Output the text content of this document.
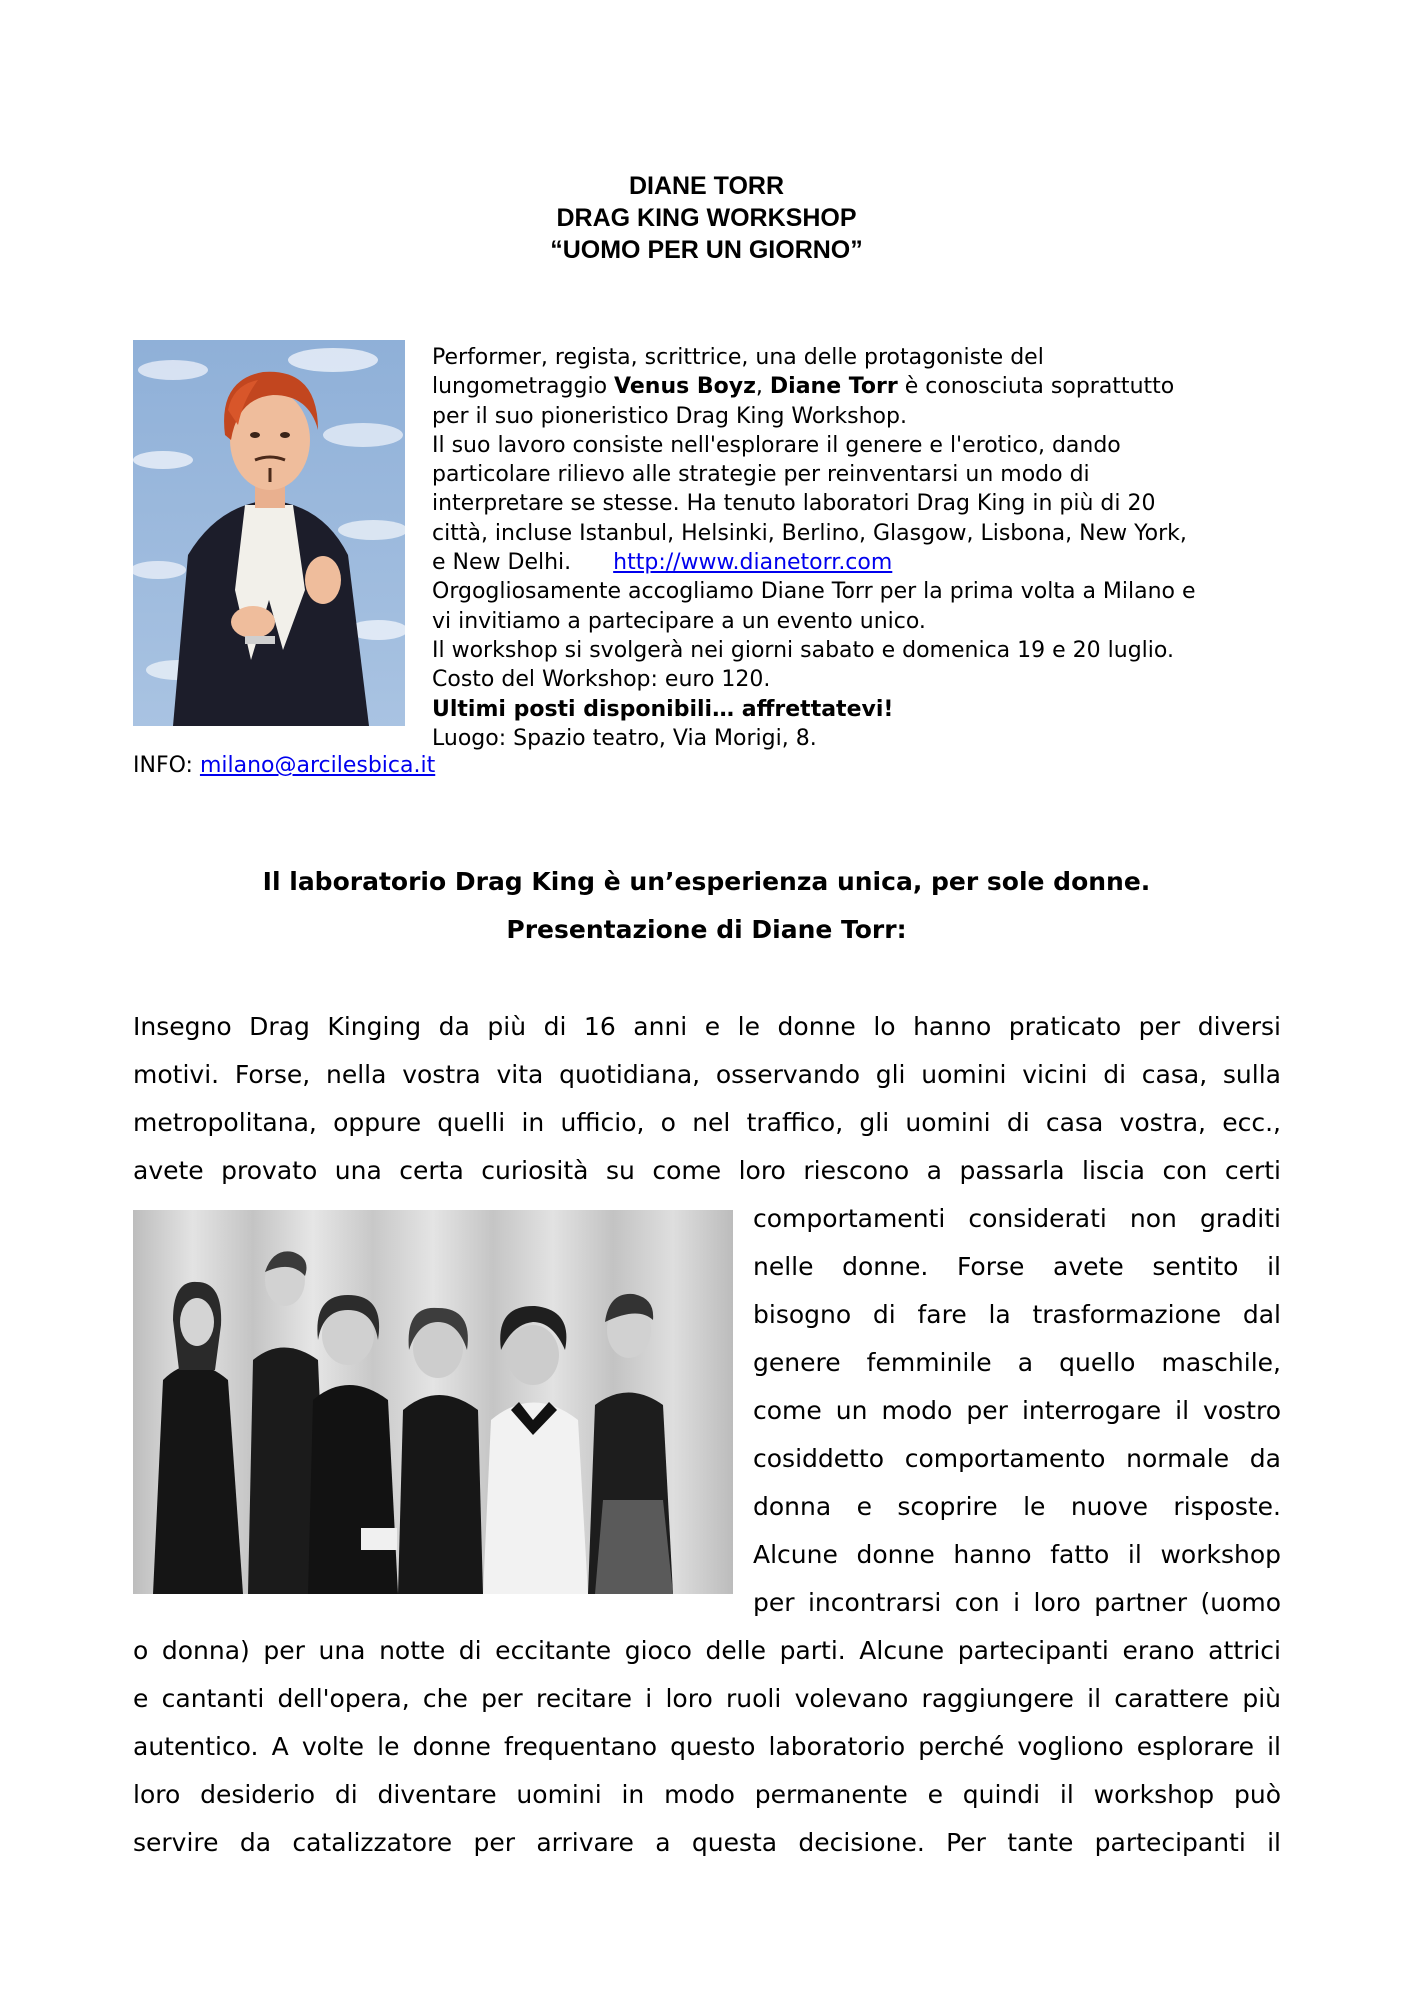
DIANE TORR
DRAG KING WORKSHOP
“UOMO PER UN GIORNO”
Performer, regista, scrittrice, una delle protagoniste del
lungometraggio Venus Boyz, Diane Torr è conosciuta soprattutto
per il suo pioneristico Drag King Workshop.
Il suo lavoro consiste nell'esplorare il genere e l'erotico, dando
particolare rilievo alle strategie per reinventarsi un modo di
interpretare se stesse. Ha tenuto laboratori Drag King in più di 20
città, incluse Istanbul, Helsinki, Berlino, Glasgow, Lisbona, New York,
e New Delhi. http://www.dianetorr.com
Orgogliosamente accogliamo Diane Torr per la prima volta a Milano e
vi invitiamo a partecipare a un evento unico.
Il workshop si svolgerà nei giorni sabato e domenica 19 e 20 luglio.
Costo del Workshop: euro 120.
Ultimi posti disponibili… affrettatevi!
Luogo: Spazio teatro, Via Morigi, 8.
INFO: milano@arcilesbica.it
Il laboratorio Drag King è un’esperienza unica, per sole donne.
Presentazione di Diane Torr:
Insegno Drag Kinging da più di 16 anni e le donne lo hanno praticato per diversi
motivi. Forse, nella vostra vita quotidiana, osservando gli uomini vicini di casa, sulla
metropolitana, oppure quelli in ufficio, o nel traffico, gli uomini di casa vostra, ecc.,
avete provato una certa curiosità su come loro riescono a passarla liscia con certi
comportamenti considerati non graditi
nelle donne. Forse avete sentito il
bisogno di fare la trasformazione dal
genere femminile a quello maschile,
come un modo per interrogare il vostro
cosiddetto comportamento normale da
donna e scoprire le nuove risposte.
Alcune donne hanno fatto il workshop
per incontrarsi con i loro partner (uomo
o donna) per una notte di eccitante gioco delle parti. Alcune partecipanti erano attrici
e cantanti dell'opera, che per recitare i loro ruoli volevano raggiungere il carattere più
autentico. A volte le donne frequentano questo laboratorio perché vogliono esplorare il
loro desiderio di diventare uomini in modo permanente e quindi il workshop può
servire da catalizzatore per arrivare a questa decisione. Per tante partecipanti il
